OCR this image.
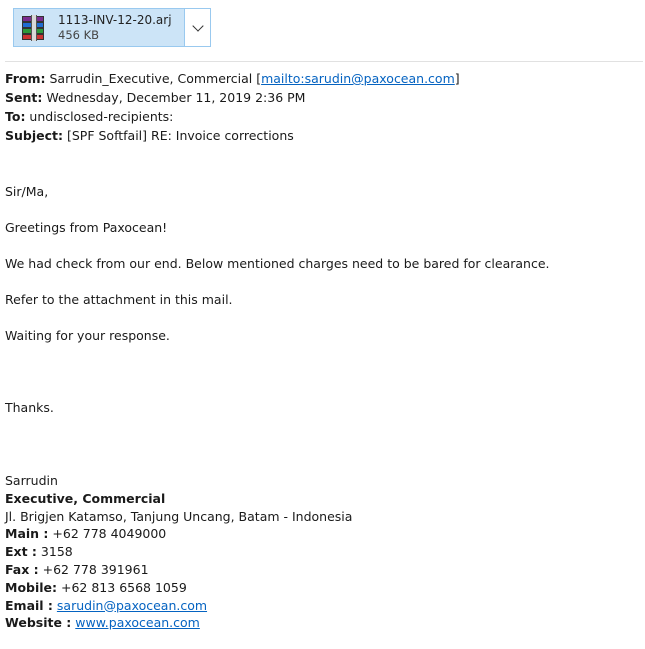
1113-INV-12-20.arj
456 KB
From: Sarrudin_Executive, Commercial [mailto:sarudin@paxocean.com]
Sent: Wednesday, December 11, 2019 2:36 PM
To: undisclosed-recipients:
Subject: [SPF Softfail] RE: Invoice corrections

Sir/Ma,

Greetings from Paxocean!

We had check from our end. Below mentioned charges need to be bared for clearance.

Refer to the attachment in this mail.

Waiting for your response.

Thanks.

Sarrudin
Executive, Commercial
Jl. Brigjen Katamso, Tanjung Uncang, Batam - Indonesia
Main : +62 778 4049000
Ext : 3158
Fax : +62 778 391961
Mobile: +62 813 6568 1059
Email : sarudin@paxocean.com
Website : www.paxocean.com
